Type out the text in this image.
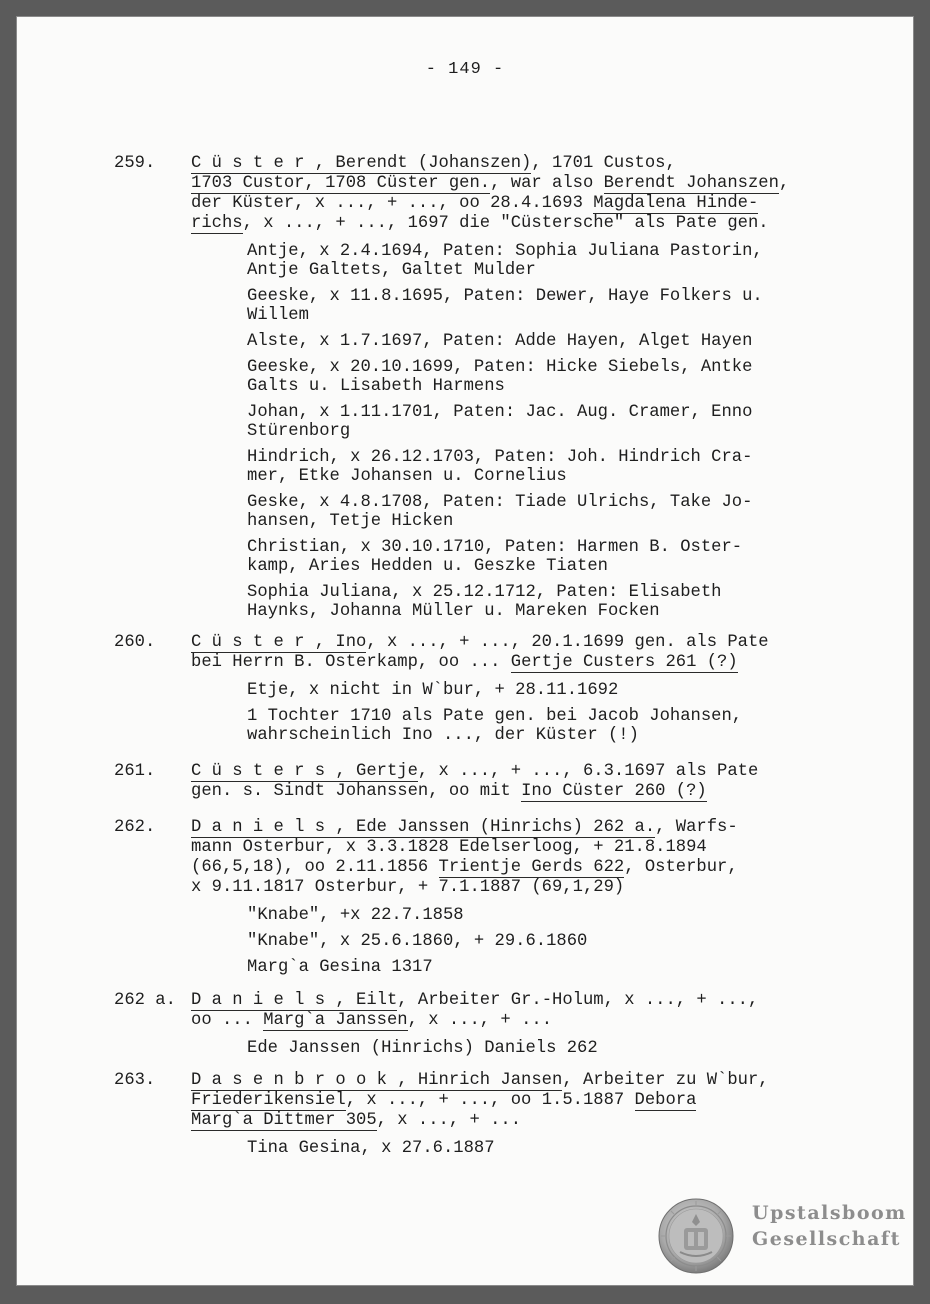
- 149 -
259. C ü s t e r , Berendt (Johanszen), 1701 Custos,
1703 Custor, 1708 Cüster gen., war also Berendt Johanszen,
der Küster, x ..., + ..., oo 28.4.1693 Magdalena Hinde-
richs, x ..., + ..., 1697 die "Cüstersche" als Pate gen.
Antje, x 2.4.1694, Paten: Sophia Juliana Pastorin,
Antje Galtets, Galtet Mulder
Geeske, x 11.8.1695, Paten: Dewer, Haye Folkers u.
Willem
Alste, x 1.7.1697, Paten: Adde Hayen, Alget Hayen
Geeske, x 20.10.1699, Paten: Hicke Siebels, Antke
Galts u. Lisabeth Harmens
Johan, x 1.11.1701, Paten: Jac. Aug. Cramer, Enno
Stürenborg
Hindrich, x 26.12.1703, Paten: Joh. Hindrich Cra-
mer, Etke Johansen u. Cornelius
Geske, x 4.8.1708, Paten: Tiade Ulrichs, Take Jo-
hansen, Tetje Hicken
Christian, x 30.10.1710, Paten: Harmen B. Oster-
kamp, Aries Hedden u. Geszke Tiaten
Sophia Juliana, x 25.12.1712, Paten: Elisabeth
Haynks, Johanna Müller u. Mareken Focken
260. C ü s t e r , Ino, x ..., + ..., 20.1.1699 gen. als Pate
bei Herrn B. Osterkamp, oo ... Gertje Custers 261 (?)
Etje, x nicht in W`bur, + 28.11.1692
1 Tochter 1710 als Pate gen. bei Jacob Johansen,
wahrscheinlich Ino ..., der Küster (!)
261. C ü s t e r s , Gertje, x ..., + ..., 6.3.1697 als Pate
gen. s. Sindt Johanssen, oo mit Ino Cüster 260 (?)
262. D a n i e l s , Ede Janssen (Hinrichs) 262 a., Warfs-
mann Osterbur, x 3.3.1828 Edelserloog, + 21.8.1894
(66,5,18), oo 2.11.1856 Trientje Gerds 622, Osterbur,
x 9.11.1817 Osterbur, + 7.1.1887 (69,1,29)
"Knabe", +x 22.7.1858
"Knabe", x 25.6.1860, + 29.6.1860
Marg`a Gesina 1317
262 a. D a n i e l s , Eilt, Arbeiter Gr.-Holum, x ..., + ...,
oo ... Marg`a Janssen, x ..., + ...
Ede Janssen (Hinrichs) Daniels 262
263. D a s e n b r o o k , Hinrich Jansen, Arbeiter zu W`bur,
Friederikensiel, x ..., + ..., oo 1.5.1887 Debora
Marg`a Dittmer 305, x ..., + ...
Tina Gesina, x 27.6.1887
Upstalsboom
Gesellschaft
